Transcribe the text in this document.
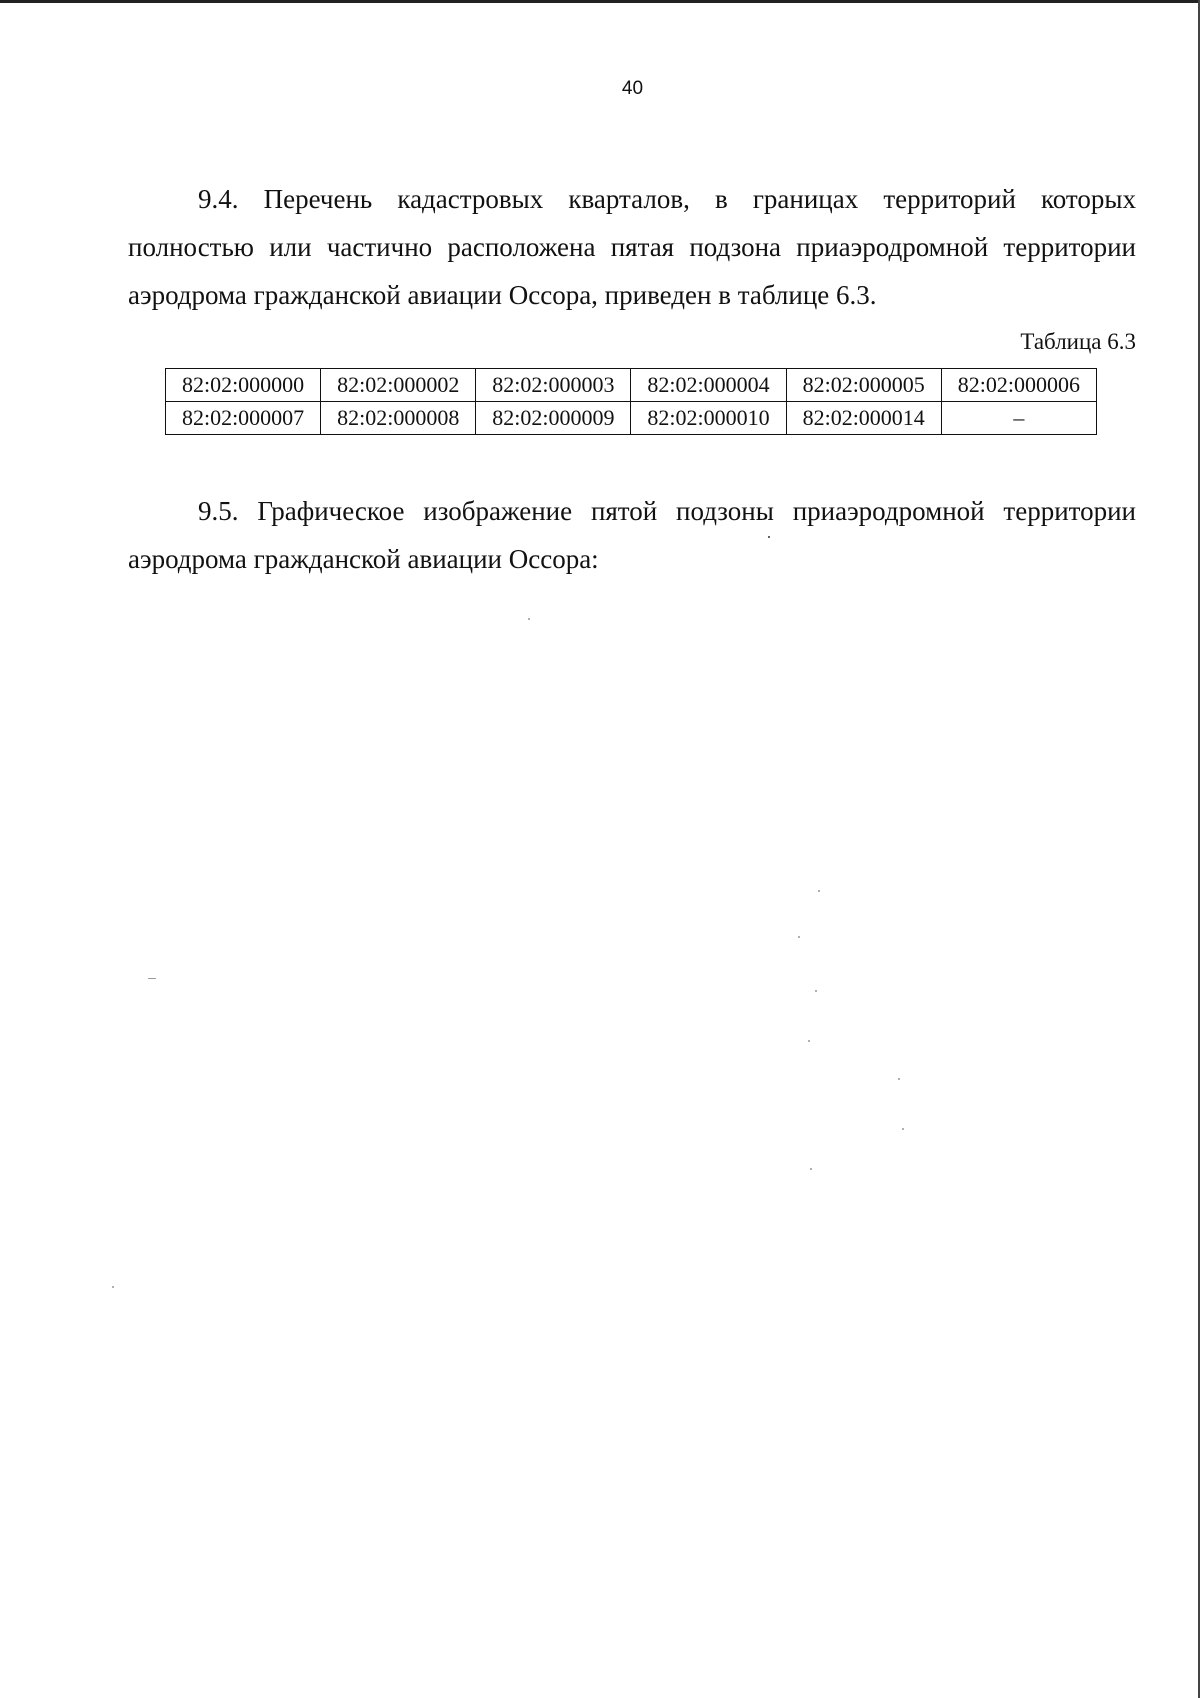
40
9.4. Перечень кадастровых кварталов, в границах территорий которых полностью или частично расположена пятая подзона приаэродромной территории аэродрома гражданской авиации Оссора, приведен в таблице 6.3.
Таблица 6.3
82:02:000000	82:02:000002	82:02:000003	82:02:000004	82:02:000005	82:02:000006
82:02:000007	82:02:000008	82:02:000009	82:02:000010	82:02:000014	–
9.5. Графическое изображение пятой подзоны приаэродромной территории аэродрома гражданской авиации Оссора:
